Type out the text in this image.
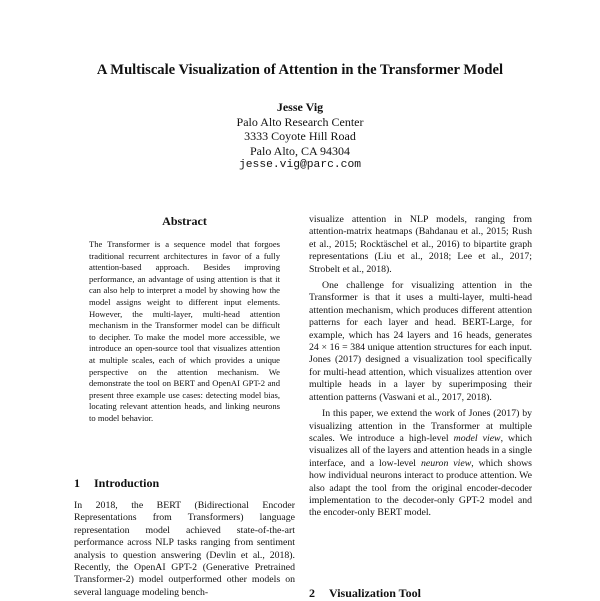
A Multiscale Visualization of Attention in the Transformer Model
Jesse Vig
Palo Alto Research Center
3333 Coyote Hill Road
Palo Alto, CA 94304
jesse.vig@parc.com
Abstract

The Transformer is a sequence model that forgoes traditional recurrent architectures in favor of a fully attention-based approach. Besides improving performance, an advantage of using attention is that it can also help to interpret a model by showing how the model assigns weight to different input elements. However, the multi-layer, multi-head attention mechanism in the Transformer model can be difficult to decipher. To make the model more accessible, we introduce an open-source tool that visualizes attention at multiple scales, each of which provides a unique perspective on the attention mechanism. We demonstrate the tool on BERT and OpenAI GPT-2 and present three example use cases: detecting model bias, locating relevant attention heads, and linking neurons to model behavior.

1 Introduction

In 2018, the BERT (Bidirectional Encoder Representations from Transformers) language representation model achieved state-of-the-art performance across NLP tasks ranging from sentiment analysis to question answering (Devlin et al., 2018). Recently, the OpenAI GPT-2 (Generative Pretrained Transformer-2) model outperformed other models on several language modeling bench-

visualize attention in NLP models, ranging from attention-matrix heatmaps (Bahdanau et al., 2015; Rush et al., 2015; Rocktäschel et al., 2016) to bipartite graph representations (Liu et al., 2018; Lee et al., 2017; Strobelt et al., 2018).

One challenge for visualizing attention in the Transformer is that it uses a multi-layer, multi-head attention mechanism, which produces different attention patterns for each layer and head. BERT-Large, for example, which has 24 layers and 16 heads, generates 24 × 16 = 384 unique attention structures for each input. Jones (2017) designed a visualization tool specifically for multi-head attention, which visualizes attention over multiple heads in a layer by superimposing their attention patterns (Vaswani et al., 2017, 2018).

In this paper, we extend the work of Jones (2017) by visualizing attention in the Transformer at multiple scales. We introduce a high-level model view, which visualizes all of the layers and attention heads in a single interface, and a low-level neuron view, which shows how individual neurons interact to produce attention. We also adapt the tool from the original encoder-decoder implementation to the decoder-only GPT-2 model and the encoder-only BERT model.

2 Visualization Tool
